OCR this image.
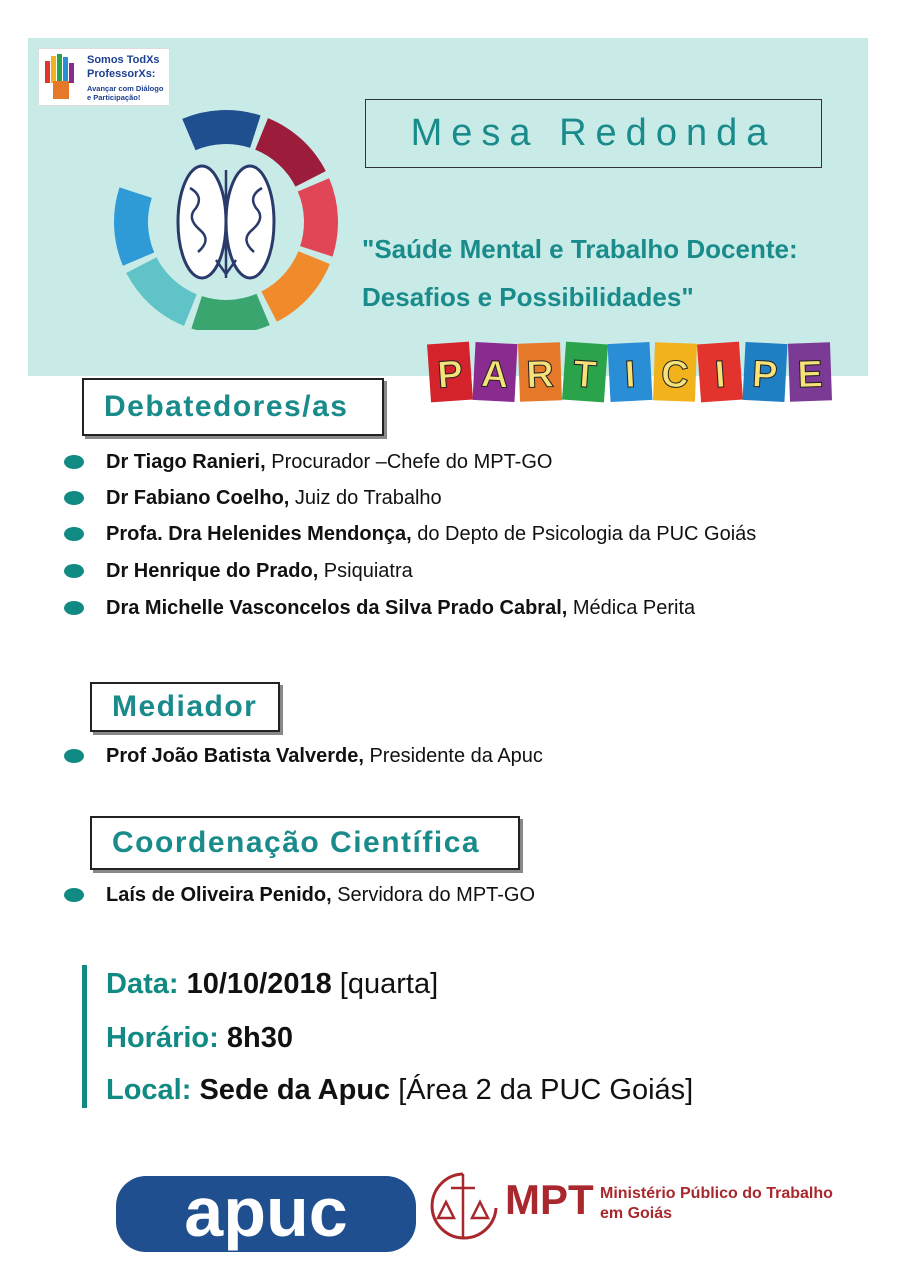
Somos TodXs
ProfessorXs:
Avançar com Diálogo e Participação!
Mesa Redonda
"Saúde Mental e Trabalho Docente:
Desafios e Possibilidades"
P A R T I C I P E
Debatedores/as
Dr Tiago Ranieri, Procurador –Chefe do MPT-GO
Dr Fabiano Coelho, Juiz do Trabalho
Profa. Dra Helenides Mendonça, do Depto de Psicologia da PUC Goiás
Dr Henrique do Prado, Psiquiatra
Dra Michelle Vasconcelos da Silva Prado Cabral, Médica Perita
Mediador
Prof João Batista Valverde, Presidente da Apuc
Coordenação Científica
Laís de Oliveira Penido, Servidora do MPT-GO
Data: 10/10/2018 [quarta]
Horário: 8h30
Local: Sede da Apuc [Área 2 da PUC Goiás]
apuc	MPT Ministério Público do Trabalho
em Goiás
